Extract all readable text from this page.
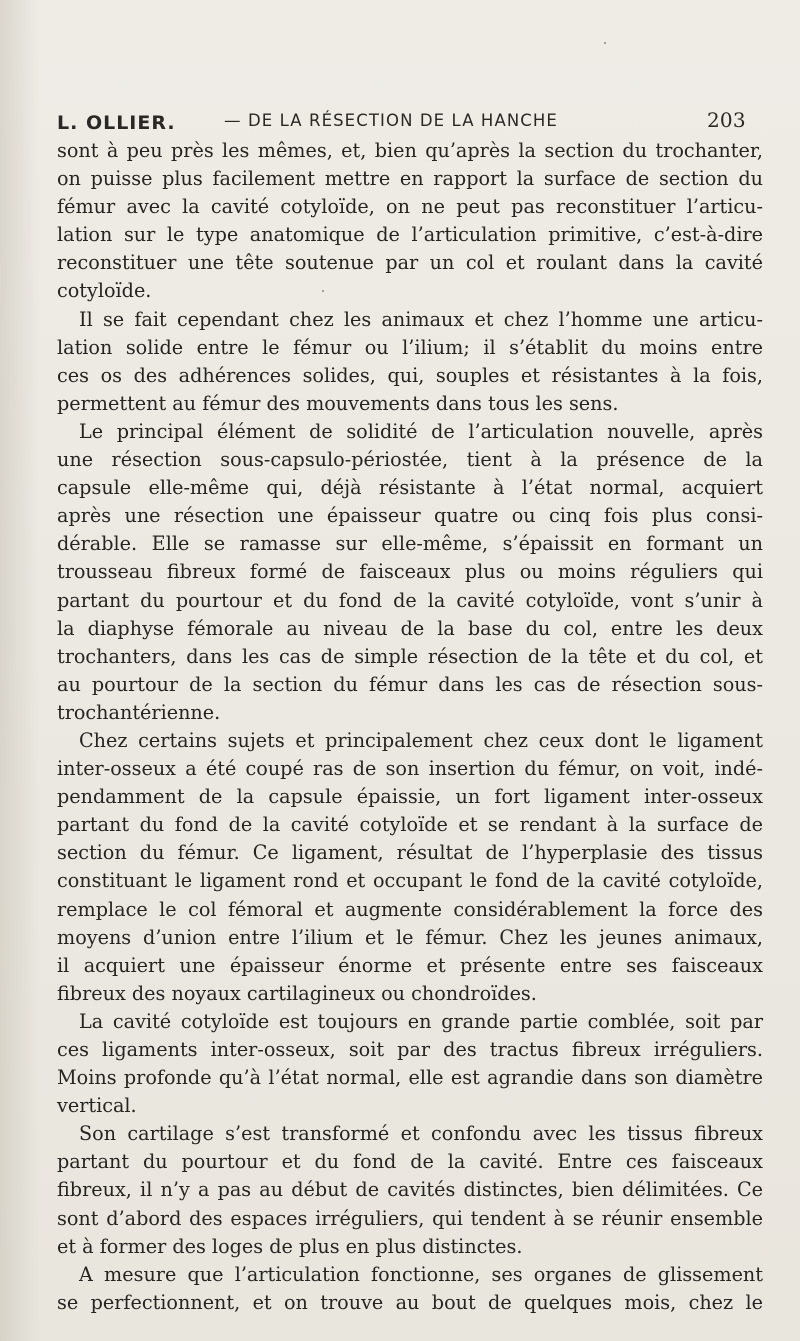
L. OLLIER.	— DE LA RÉSECTION DE LA HANCHE	203
sont à peu près les mêmes, et, bien qu’après la section du trochanter,
on puisse plus facilement mettre en rapport la surface de section du
fémur avec la cavité cotyloïde, on ne peut pas reconstituer l’articu-
lation sur le type anatomique de l’articulation primitive, c’est-à-dire
reconstituer une tête soutenue par un col et roulant dans la cavité
cotyloïde.
Il se fait cependant chez les animaux et chez l’homme une articu-
lation solide entre le fémur ou l’ilium; il s’établit du moins entre
ces os des adhérences solides, qui, souples et résistantes à la fois,
permettent au fémur des mouvements dans tous les sens.
Le principal élément de solidité de l’articulation nouvelle, après
une résection sous-capsulo-périostée, tient à la présence de la
capsule elle-même qui, déjà résistante à l’état normal, acquiert
après une résection une épaisseur quatre ou cinq fois plus consi-
dérable. Elle se ramasse sur elle-même, s’épaissit en formant un
trousseau fibreux formé de faisceaux plus ou moins réguliers qui
partant du pourtour et du fond de la cavité cotyloïde, vont s’unir à
la diaphyse fémorale au niveau de la base du col, entre les deux
trochanters, dans les cas de simple résection de la tête et du col, et
au pourtour de la section du fémur dans les cas de résection sous-
trochantérienne.
Chez certains sujets et principalement chez ceux dont le ligament
inter-osseux a été coupé ras de son insertion du fémur, on voit, indé-
pendamment de la capsule épaissie, un fort ligament inter-osseux
partant du fond de la cavité cotyloïde et se rendant à la surface de
section du fémur. Ce ligament, résultat de l’hyperplasie des tissus
constituant le ligament rond et occupant le fond de la cavité cotyloïde,
remplace le col fémoral et augmente considérablement la force des
moyens d’union entre l’ilium et le fémur. Chez les jeunes animaux,
il acquiert une épaisseur énorme et présente entre ses faisceaux
fibreux des noyaux cartilagineux ou chondroïdes.
La cavité cotyloïde est toujours en grande partie comblée, soit par
ces ligaments inter-osseux, soit par des tractus fibreux irréguliers.
Moins profonde qu’à l’état normal, elle est agrandie dans son diamètre
vertical.
Son cartilage s’est transformé et confondu avec les tissus fibreux
partant du pourtour et du fond de la cavité. Entre ces faisceaux
fibreux, il n’y a pas au début de cavités distinctes, bien délimitées. Ce
sont d’abord des espaces irréguliers, qui tendent à se réunir ensemble
et à former des loges de plus en plus distinctes.
A mesure que l’articulation fonctionne, ses organes de glissement
se perfectionnent, et on trouve au bout de quelques mois, chez le
